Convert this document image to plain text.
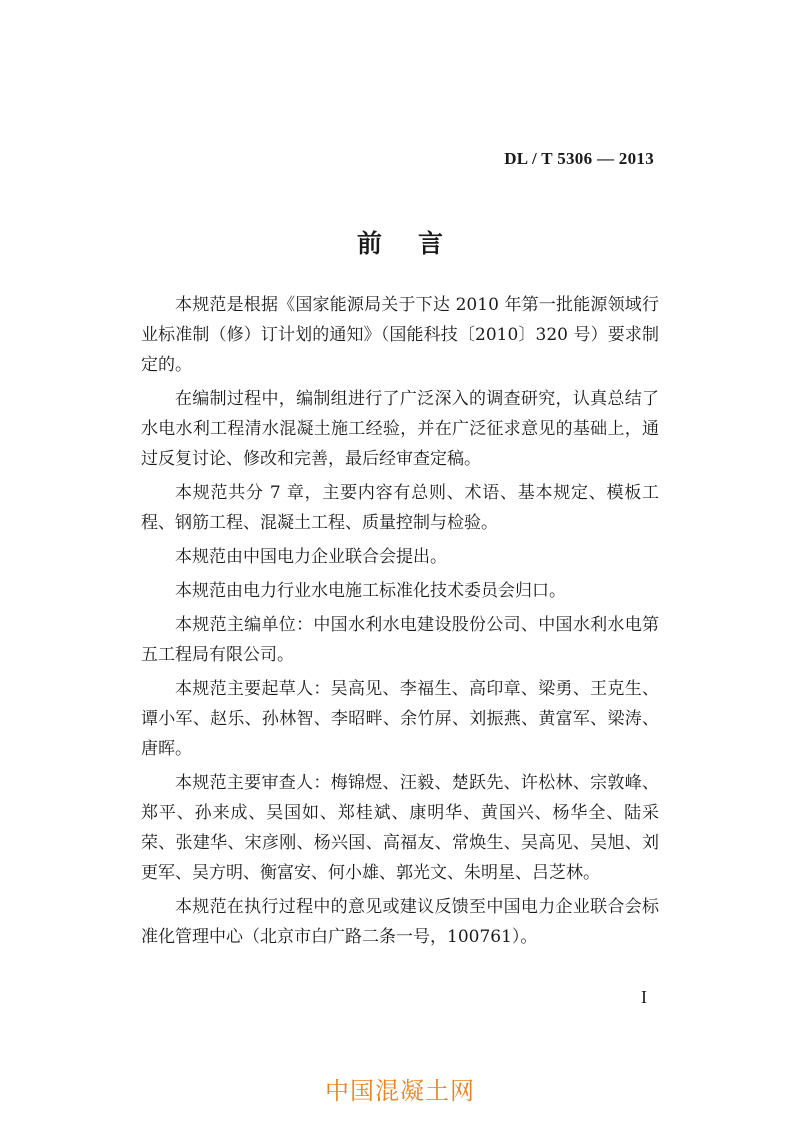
DL / T 5306 — 2013
前言

本规范是根据《国家能源局关于下达 2010 年第一批能源领域行业标准制（修）订计划的通知》（国能科技〔2010〕320 号）要求制定的。

在编制过程中，编制组进行了广泛深入的调查研究，认真总结了水电水利工程清水混凝土施工经验，并在广泛征求意见的基础上，通过反复讨论、修改和完善，最后经审查定稿。

本规范共分 7 章，主要内容有总则、术语、基本规定、模板工程、钢筋工程、混凝土工程、质量控制与检验。

本规范由中国电力企业联合会提出。

本规范由电力行业水电施工标准化技术委员会归口。

本规范主编单位：中国水利水电建设股份公司、中国水利水电第五工程局有限公司。

本规范主要起草人：吴高见、李福生、高印章、梁勇、王克生、谭小军、赵乐、孙林智、李昭畔、余竹屏、刘振燕、黄富军、梁涛、唐晖。

本规范主要审查人：梅锦煜、汪毅、楚跃先、许松林、宗敦峰、郑平、孙来成、吴国如、郑桂斌、康明华、黄国兴、杨华全、陆采荣、张建华、宋彦刚、杨兴国、高福友、常焕生、吴高见、吴旭、刘更军、吴方明、衡富安、何小雄、郭光文、朱明星、吕芝林。

本规范在执行过程中的意见或建议反馈至中国电力企业联合会标准化管理中心（北京市白广路二条一号，100761）。

I
中国混凝土网
